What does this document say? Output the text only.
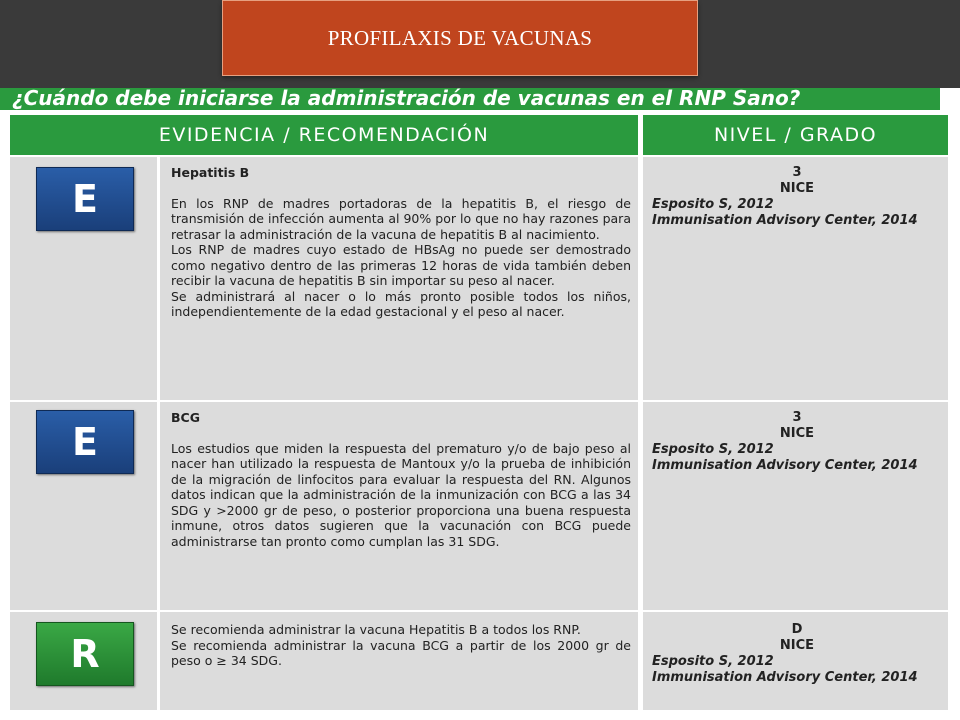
PROFILAXIS DE VACUNAS
¿Cuándo debe iniciarse la administración de vacunas en el RNP Sano?
EVIDENCIA / RECOMENDACIÓN	NIVEL / GRADO
E
Hepatitis B

En los RNP de madres portadoras de la hepatitis B, el riesgo de transmisión de infección aumenta al 90% por lo que no hay razones para retrasar la administración de la vacuna de hepatitis B al nacimiento.

Los RNP de madres cuyo estado de HBsAg no puede ser demostrado como negativo dentro de las primeras 12 horas de vida también deben recibir la vacuna de hepatitis B sin importar su peso al nacer.

Se administrará al nacer o lo más pronto posible todos los niños, independientemente de la edad gestacional y el peso al nacer.

3
NICE
Esposito S, 2012
Immunisation Advisory Center, 2014
E
BCG

Los estudios que miden la respuesta del prematuro y/o de bajo peso al nacer han utilizado la respuesta de Mantoux y/o la prueba de inhibición de la migración de linfocitos para evaluar la respuesta del RN. Algunos datos indican que la administración de la inmunización con BCG a las 34 SDG y >2000 gr de peso, o posterior proporciona una buena respuesta inmune, otros datos sugieren que la vacunación con BCG puede administrarse tan pronto como cumplan las 31 SDG.

3
NICE
Esposito S, 2012
Immunisation Advisory Center, 2014
R

Se recomienda administrar la vacuna Hepatitis B a todos los RNP.

Se recomienda administrar la vacuna BCG a partir de los 2000 gr de peso o ≥ 34 SDG.

D
NICE
Esposito S, 2012
Immunisation Advisory Center, 2014
